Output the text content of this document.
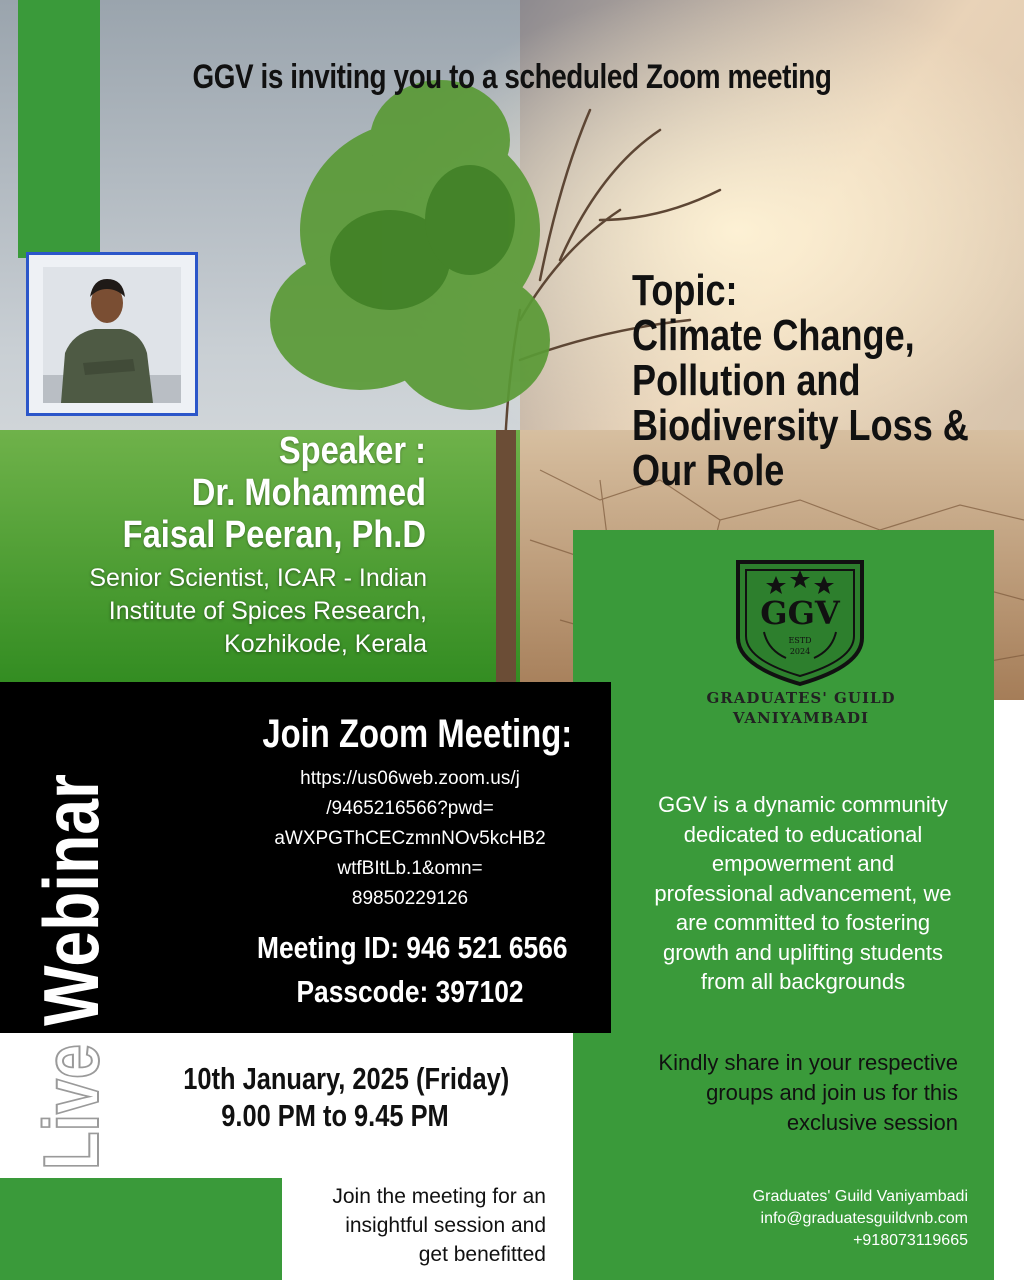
GGV is inviting you to a scheduled Zoom meeting
Topic:
Climate Change,
Pollution and
Biodiversity Loss &
Our Role
Speaker :
Dr. Mohammed
Faisal Peeran, Ph.D
Senior Scientist, ICAR - Indian
Institute of Spices Research,
Kozhikode, Kerala
GGV
ESTD
2024
GRADUATES' GUILD
VANIYAMBADI
GGV is a dynamic community
dedicated to educational
empowerment and
professional advancement, we
are committed to fostering
growth and uplifting students
from all backgrounds
Kindly share in your respective
groups and join us for this
exclusive session
Graduates' Guild Vaniyambadi
info@graduatesguildvnb.com
+918073119665
Join Zoom Meeting:
https://us06web.zoom.us/j
/9465216566?pwd=
aWXPGThCECzmnNOv5kcHB2
wtfBItLb.1&omn=
89850229126
Meeting ID: 946 521 6566
Passcode: 397102
Webinar
Live 10th January, 2025 (Friday)
9.00 PM to 9.45 PM
Join the meeting for an
insightful session and
get benefitted
